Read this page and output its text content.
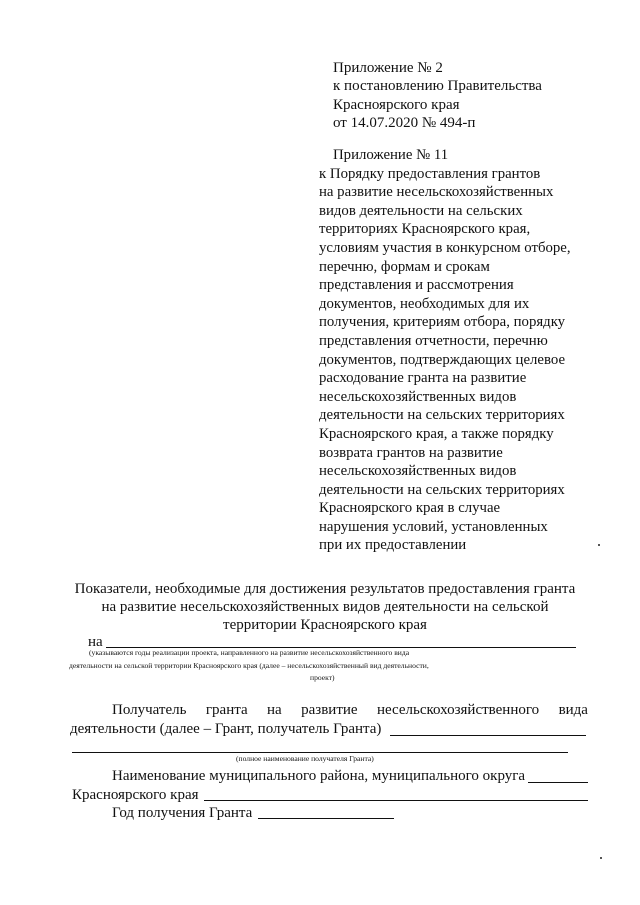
Приложение № 2
к постановлению Правительства
Красноярского края
от 14.07.2020 № 494-п
Приложение № 11
к Порядку предоставления грантов
на развитие несельскохозяйственных
видов деятельности на сельских
территориях Красноярского края,
условиям участия в конкурсном отборе,
перечню, формам и срокам
представления и рассмотрения
документов, необходимых для их
получения, критериям отбора, порядку
представления отчетности, перечню
документов, подтверждающих целевое
расходование гранта на развитие
несельскохозяйственных видов
деятельности на сельских территориях
Красноярского края, а также порядку
возврата грантов на развитие
несельскохозяйственных видов
деятельности на сельских территориях
Красноярского края в случае
нарушения условий, установленных
при их предоставлении
Показатели, необходимые для достижения результатов предоставления гранта
на развитие несельскохозяйственных видов деятельности на сельской
территории Красноярского края
на
(указываются годы реализации проекта, направленного на развитие несельскохозяйственного вида
деятельности на сельской территории Красноярского края (далее – несельскохозяйственный вид деятельности,
проект)
Получатель гранта на развитие несельскохозяйственного вида
деятельности (далее – Грант, получатель Гранта)
(полное наименование получателя Гранта)
Наименование муниципального района, муниципального округа
Красноярского края
Год получения Гранта
